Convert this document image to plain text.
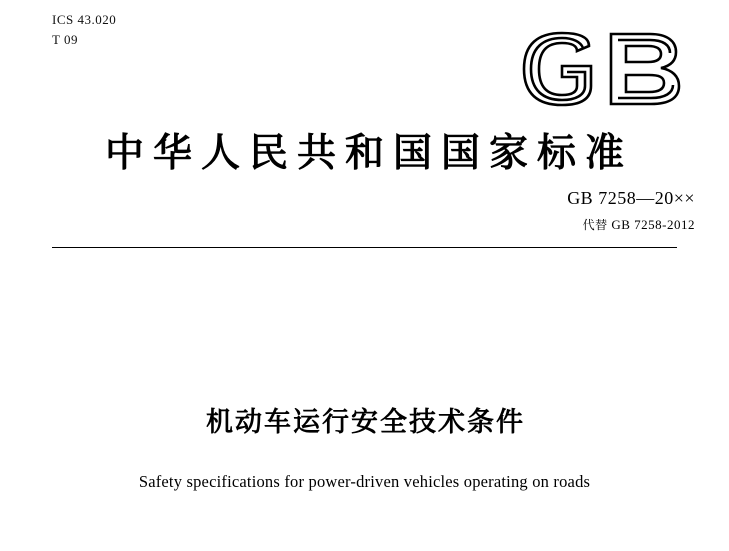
ICS 43.020
T 09
中华人民共和国国家标准
GB 7258—20××
代替 GB 7258-2012
机动车运行安全技术条件
Safety specifications for power-driven vehicles operating on roads
